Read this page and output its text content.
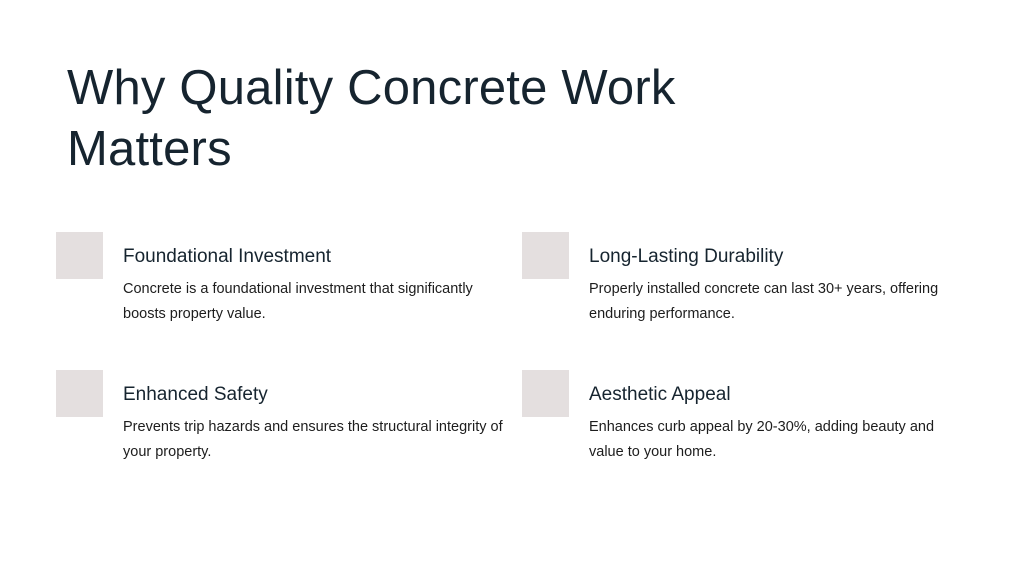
Why Quality Concrete Work Matters
Foundational Investment

Concrete is a foundational investment that significantly boosts property value.

Long-Lasting Durability

Properly installed concrete can last 30+ years, offering enduring performance.

Enhanced Safety

Prevents trip hazards and ensures the structural integrity of your property.

Aesthetic Appeal

Enhances curb appeal by 20-30%, adding beauty and value to your home.
